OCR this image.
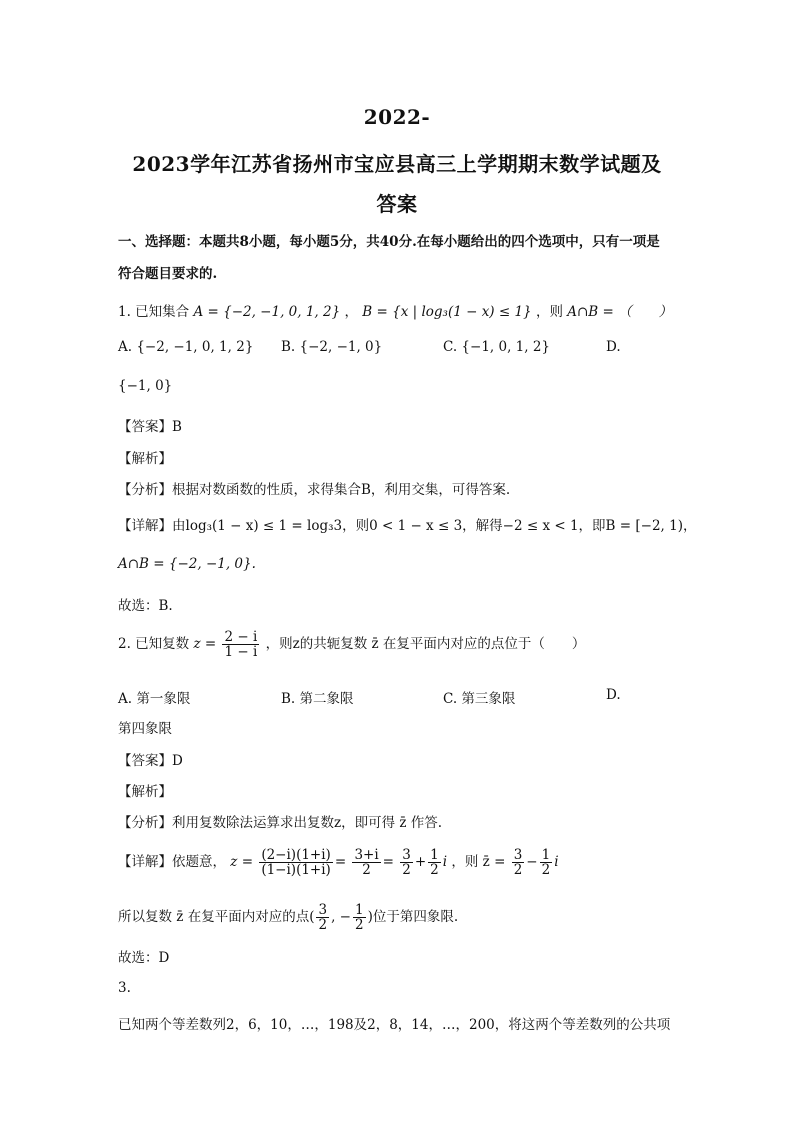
2022-
2023学年江苏省扬州市宝应县高三上学期期末数学试题及
答案
一、选择题：本题共8小题，每小题5分，共40分.在每小题给出的四个选项中，只有一项是
符合题目要求的.
1. 已知集合 A = {−2, −1, 0, 1, 2} ， B = {x | log₃(1 − x) ≤ 1} ，则 A∩B = （　　）
A. {−2, −1, 0, 1, 2} B. {−2, −1, 0}	C. {−1, 0, 1, 2}	D.
{−1, 0}
【答案】B
【解析】
【分析】根据对数函数的性质，求得集合B，利用交集，可得答案.
【详解】由log₃(1 − x) ≤ 1 = log₃3，则0 < 1 − x ≤ 3，解得−2 ≤ x < 1，即B = [−2, 1)，
A∩B = {−2, −1, 0}.
故选：B.
2. 已知复数 $z = \frac{2 - i}{1 - i}$ ，则z的共轭复数 z̄ 在复平面内对应的点位于（　　）
A. 第一象限	B. 第二象限	C. 第三象限	D.
第四象限
【答案】D
【解析】
【分析】利用复数除法运算求出复数z，即可得 z̄ 作答.
【详解】依题意， $z = \frac{(2-i)(1+i)}{(1-i)(1+i)} = \frac{3+i}{2} = \frac{3}{2} + \frac{1}{2}$ i ，则 z̄ = $\frac{3}{2} - \frac{1}{2}$ i
所以复数 z̄ 在复平面内对应的点( $\frac{3}{2}$ , − $\frac{1}{2}$ )位于第四象限.
故选：D
3.
已知两个等差数列2，6，10，…，198及2，8，14，…，200，将这两个等差数列的公共项
